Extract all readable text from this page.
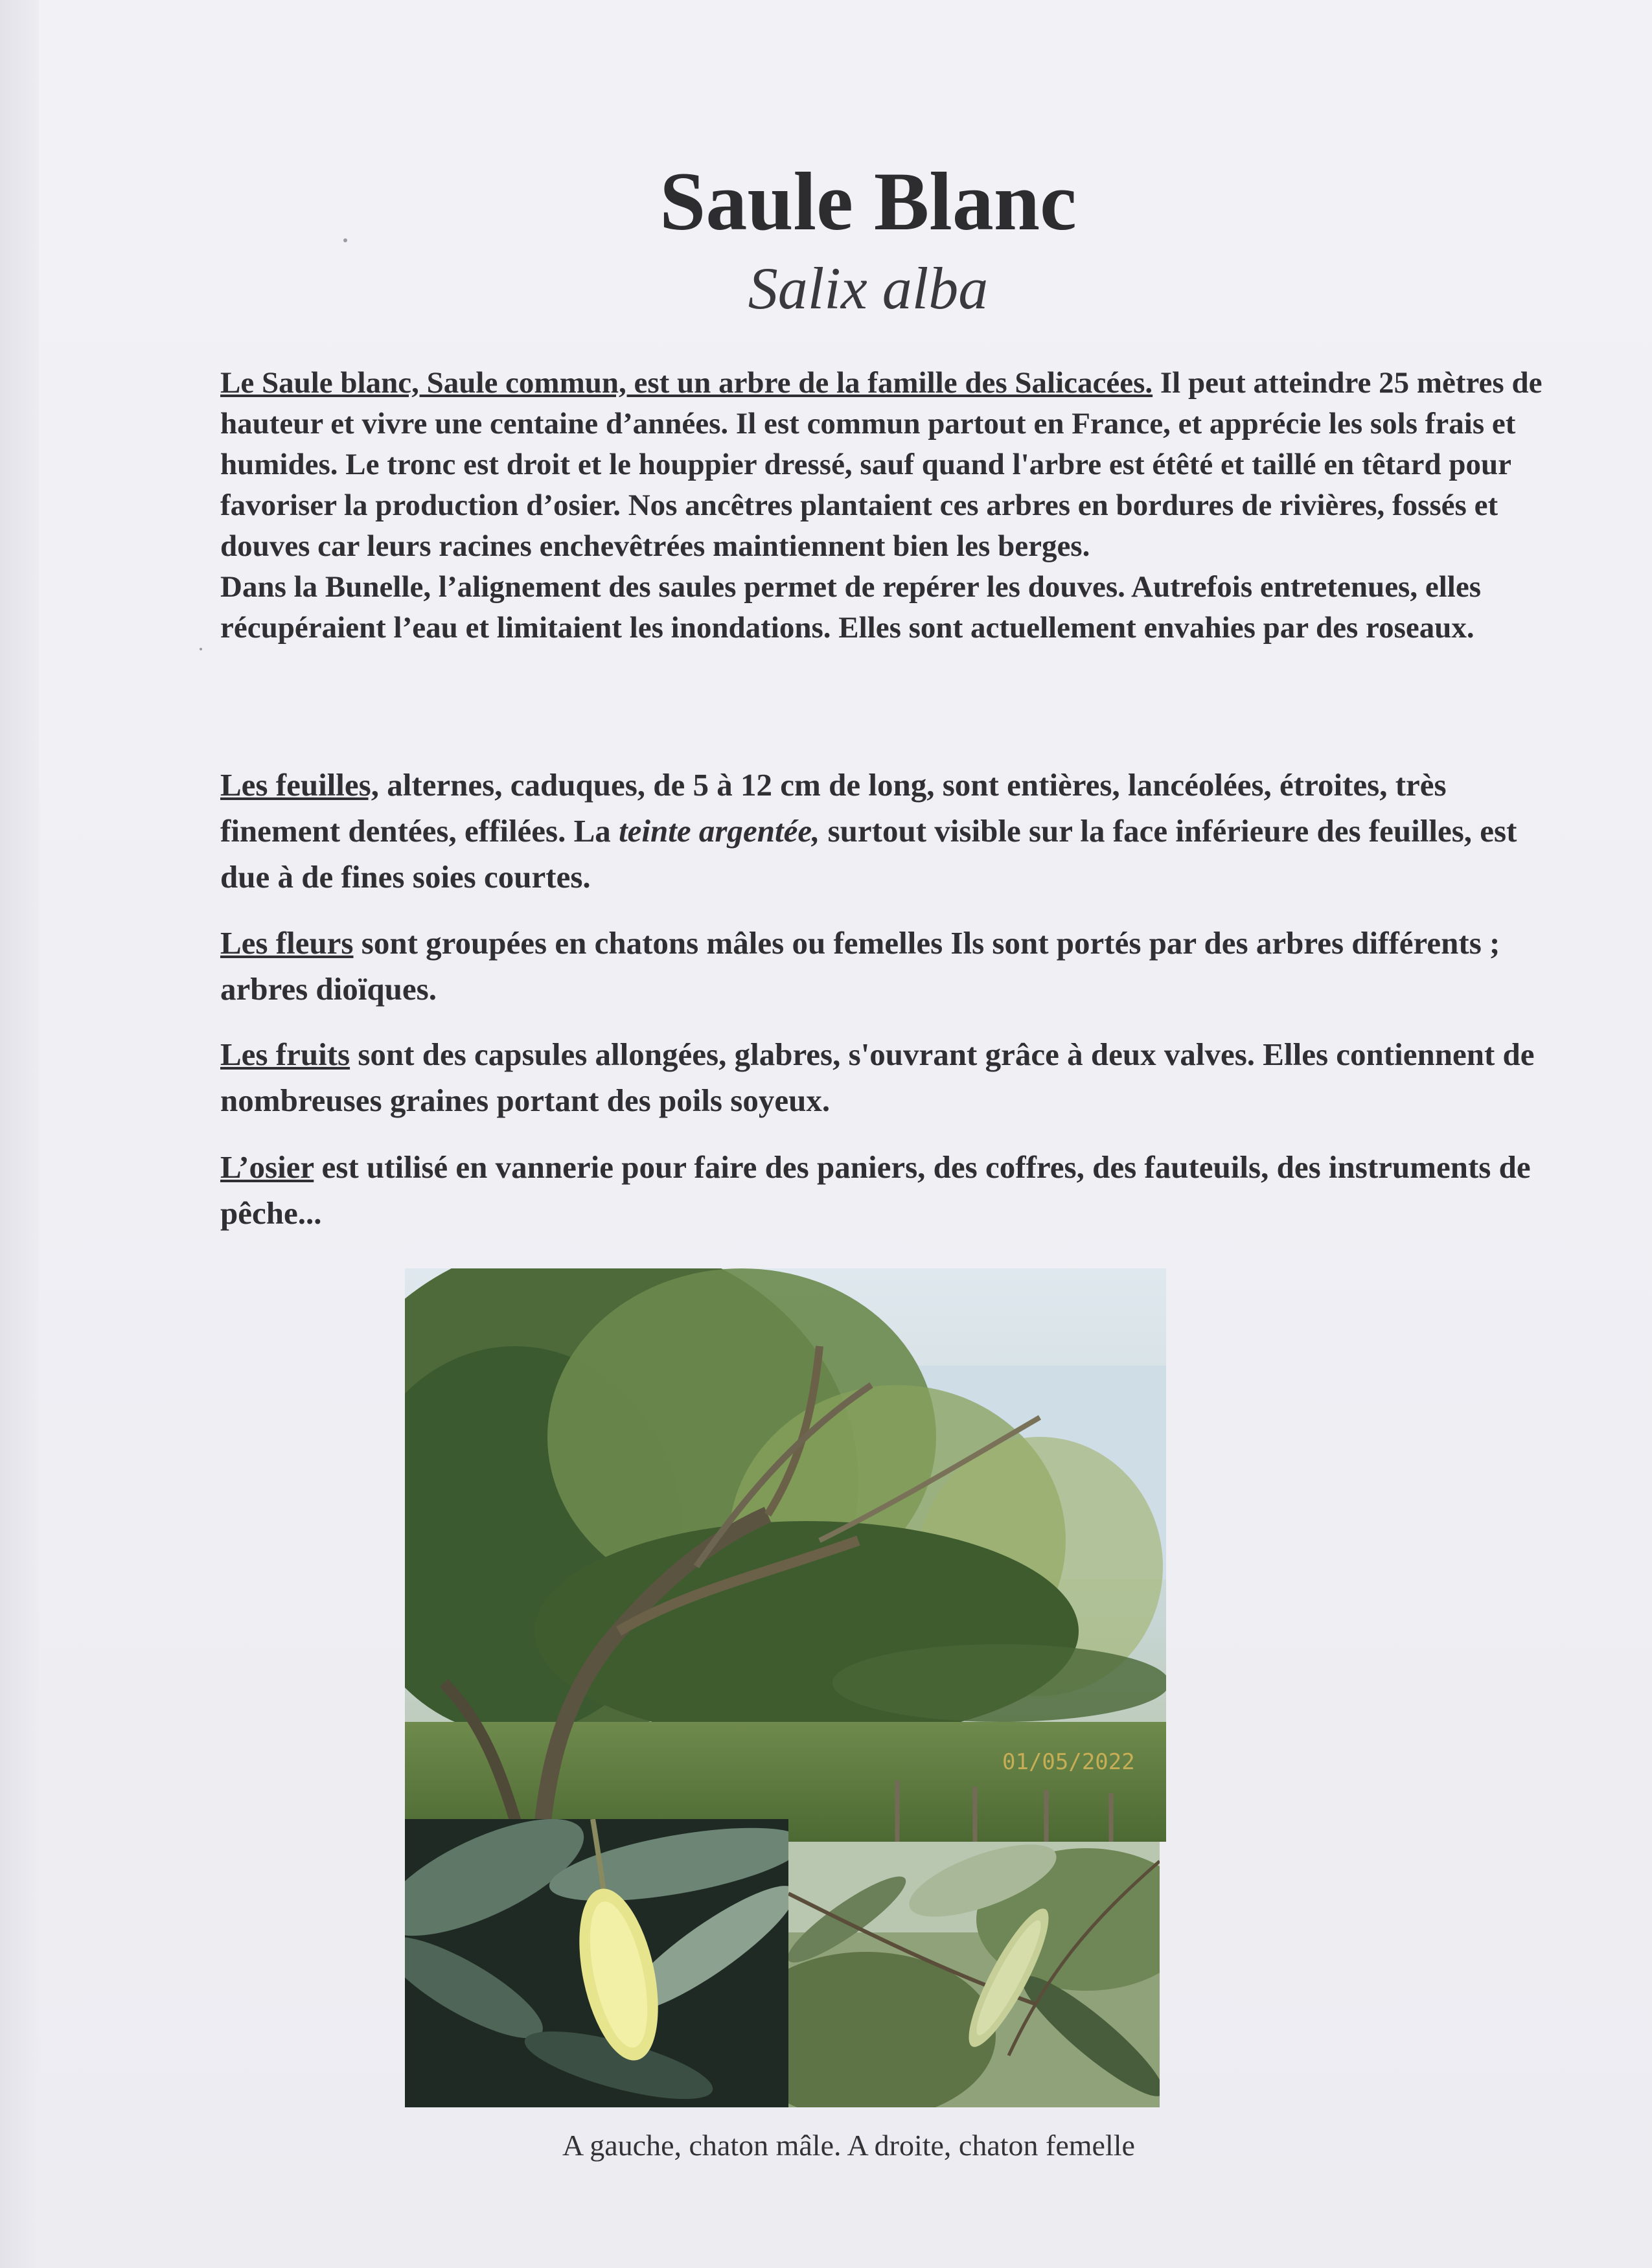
Saule Blanc
Salix alba

Le Saule blanc, Saule commun, est un arbre de la famille des Salicacées. Il peut atteindre 25 mètres de hauteur et vivre une centaine d’années. Il est commun partout en France, et apprécie les sols frais et humides. Le tronc est droit et le houppier dressé, sauf quand l'arbre est étêté et taillé en têtard pour favoriser la production d’osier. Nos ancêtres plantaient ces arbres en bordures de rivières, fossés et douves car leurs racines enchevêtrées maintiennent bien les berges.

Dans la Bunelle, l’alignement des saules permet de repérer les douves. Autrefois entretenues, elles récupéraient l’eau et limitaient les inondations. Elles sont actuellement envahies par des roseaux.

Les feuilles, alternes, caduques, de 5 à 12 cm de long, sont entières, lancéolées, étroites, très finement dentées, effilées. La teinte argentée, surtout visible sur la face inférieure des feuilles, est due à de fines soies courtes.

Les fleurs sont groupées en chatons mâles ou femelles Ils sont portés par des arbres différents ; arbres dioïques.

Les fruits sont des capsules allongées, glabres, s'ouvrant grâce à deux valves. Elles contiennent de nombreuses graines portant des poils soyeux.

L’osier est utilisé en vannerie pour faire des paniers, des coffres, des fauteuils, des instruments de pêche...

01/05/2022
A gauche, chaton mâle. A droite, chaton femelle
